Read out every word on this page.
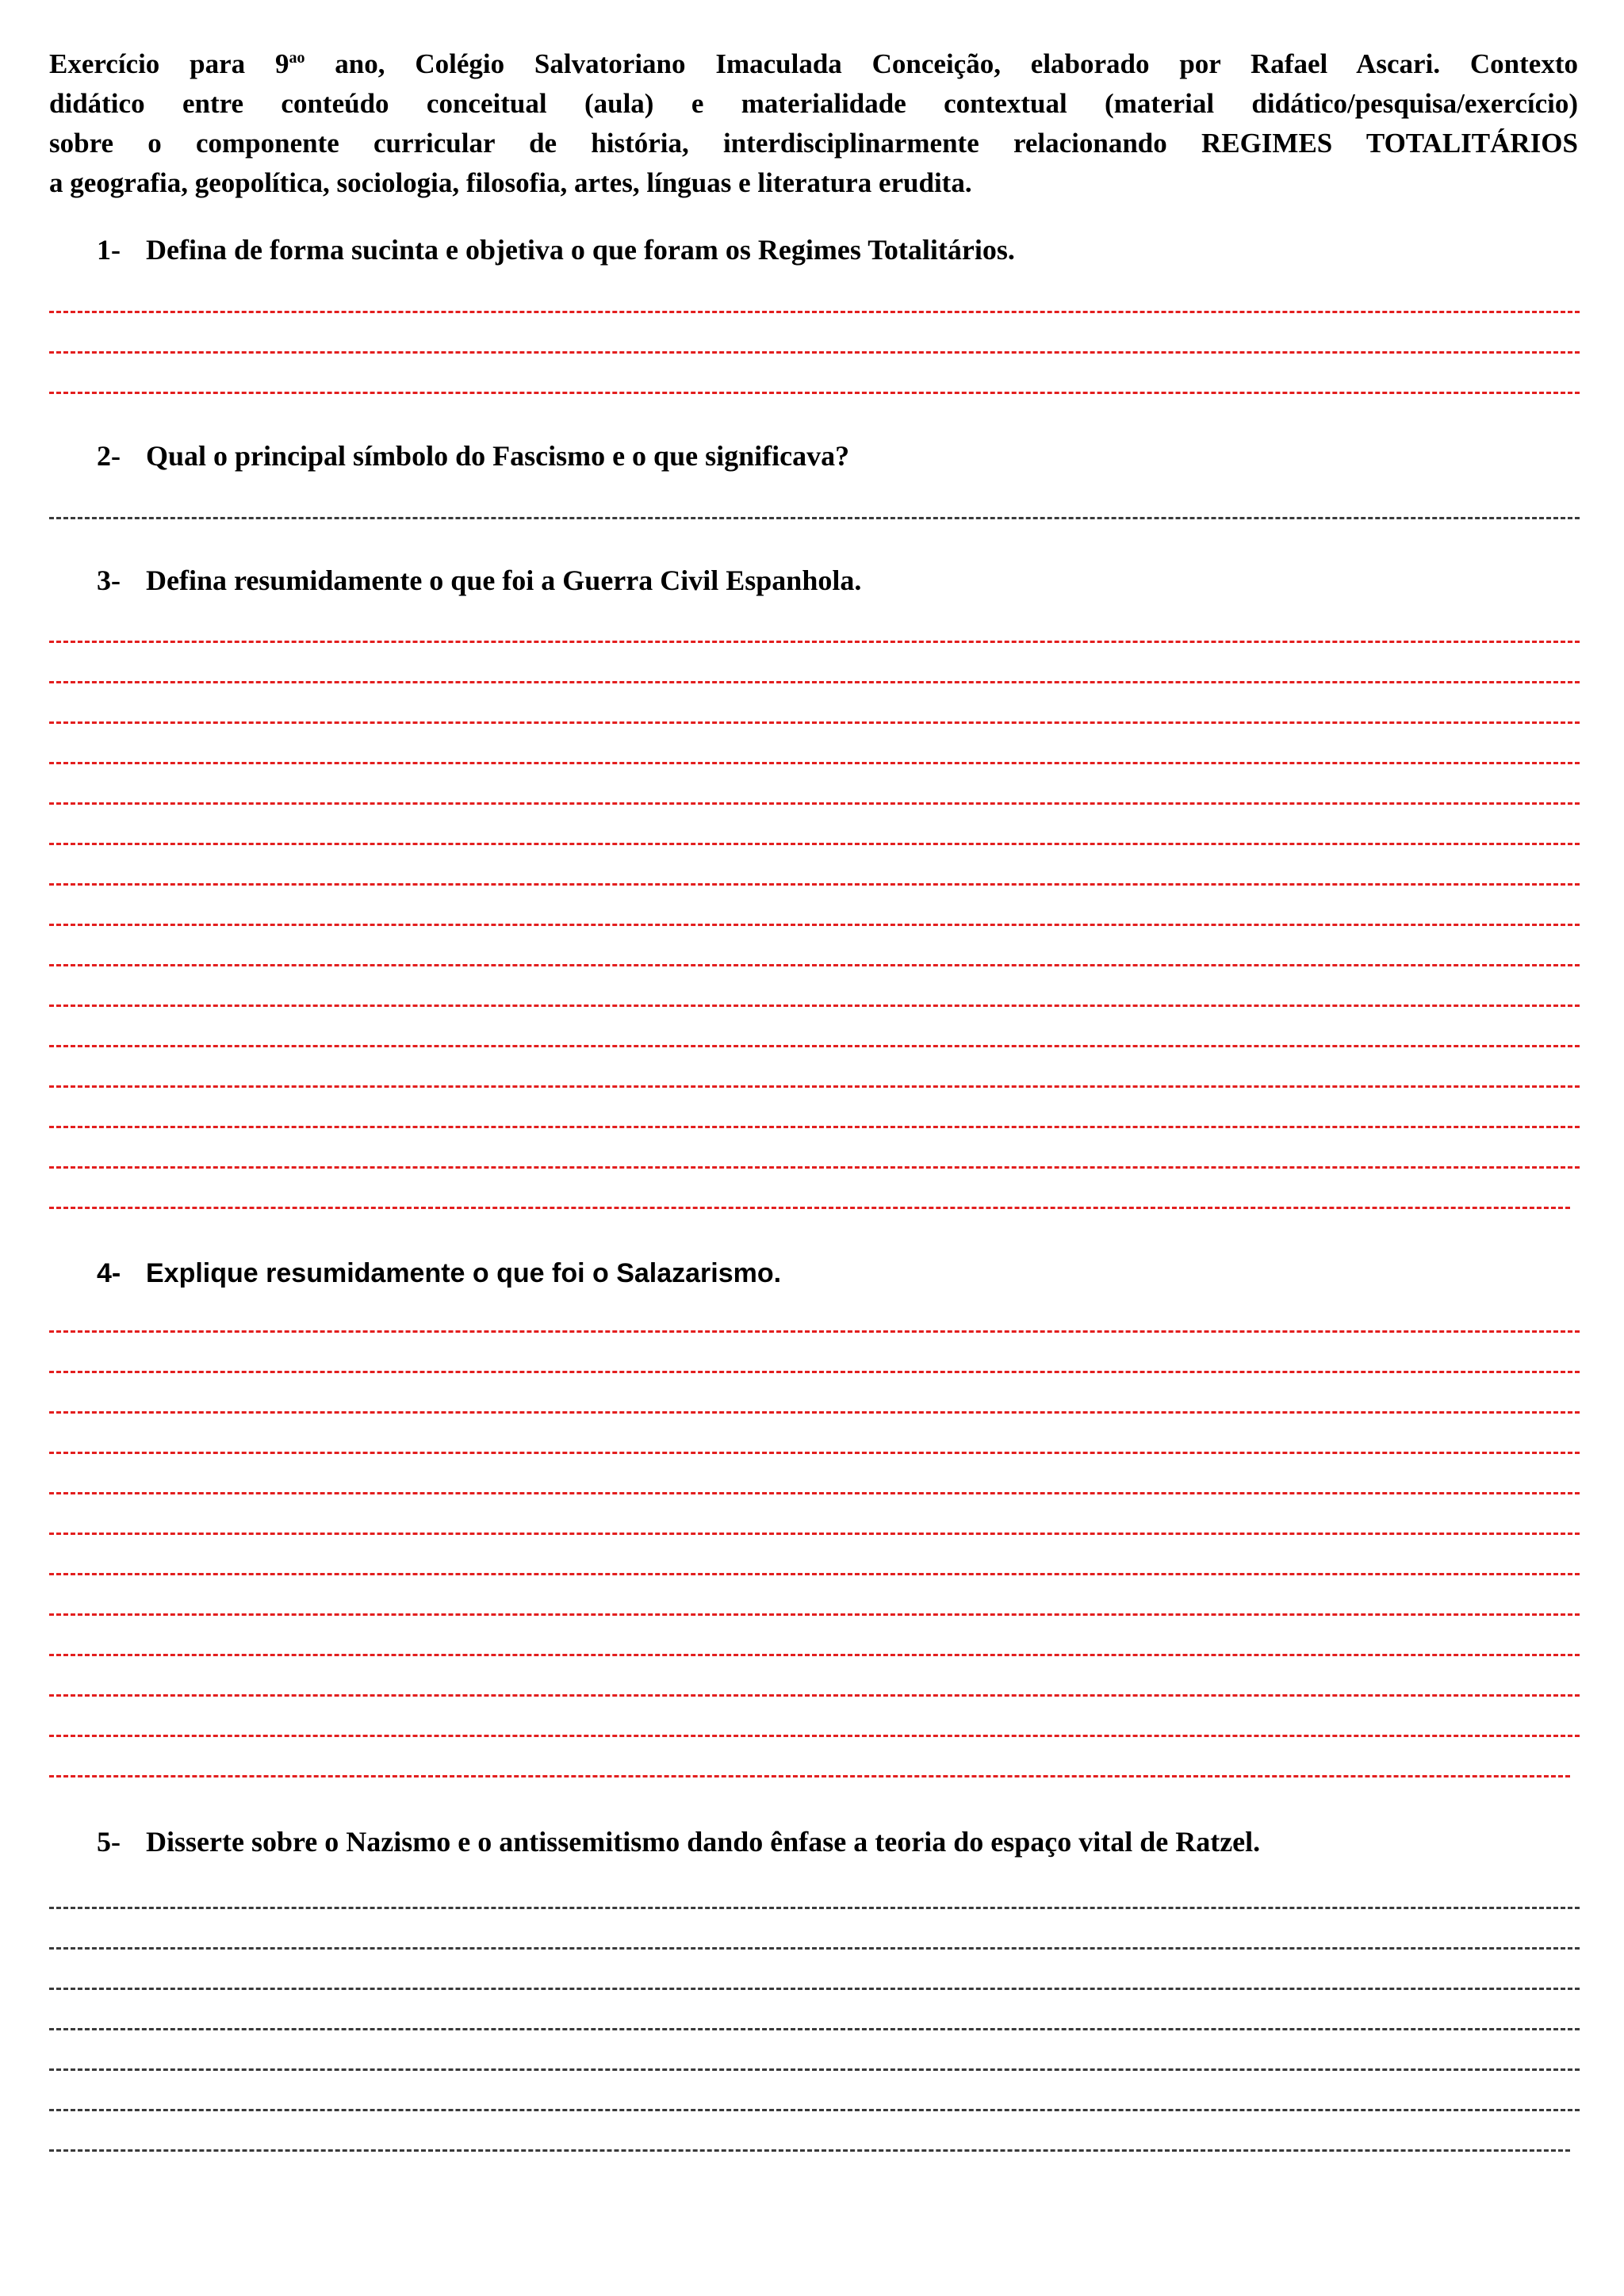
Exercício para $9^{ao}$ ano, Colégio Salvatoriano Imaculada Conceição, elaborado por Rafael Ascari. Contexto
didático entre conteúdo conceitual (aula) e materialidade contextual (material didático/pesquisa/exercício)
sobre o componente curricular de história, interdisciplinarmente relacionando REGIMES TOTALITÁRIOS
a geografia, geopolítica, sociologia, filosofia, artes, línguas e literatura erudita.

1- Defina de forma sucinta e objetiva o que foram os Regimes Totalitários.

2- Qual o principal símbolo do Fascismo e o que significava?

3- Defina resumidamente o que foi a Guerra Civil Espanhola.

4- Explique resumidamente o que foi o Salazarismo.

5- Disserte sobre o Nazismo e o antissemitismo dando ênfase a teoria do espaço vital de Ratzel.
